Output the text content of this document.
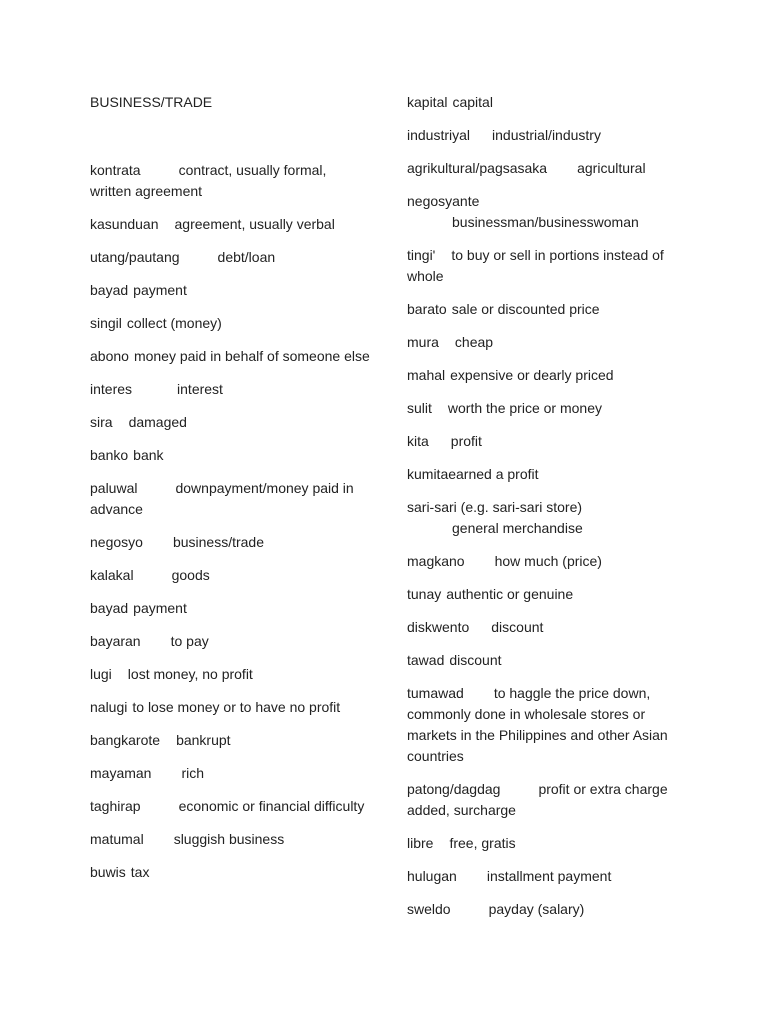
BUSINESS/TRADE
kontrata	contract, usually formal, written agreement
kasunduan agreement, usually verbal
utang/pautang	debt/loan
bayad payment
singil collect (money)
abono money paid in behalf of someone else
interes	interest
sira damaged
banko bank
paluwal	downpayment/money paid in advance
negosyo business/trade
kalakal	goods
bayad payment
bayaran to pay
lugi lost money, no profit
nalugi to lose money or to have no profit
bangkarote bankrupt
mayaman rich
taghirap	economic or financial difficulty
matumal sluggish business
buwis tax
kapital capital
industriyal industrial/industry
agrikultural/pagsasaka agricultural
negosyante
businessman/businesswoman
tingi' to buy or sell in portions instead of whole
barato sale or discounted price
mura cheap
mahal expensive or dearly priced
sulit worth the price or money
kita profit
kumitaearned a profit
sari-sari (e.g. sari-sari store)
general merchandise
magkano how much (price)
tunay authentic or genuine
diskwento discount
tawad discount
tumawad to haggle the price down, commonly done in wholesale stores or markets in the Philippines and other Asian countries
patong/dagdag	profit or extra charge added, surcharge
libre free, gratis
hulugan installment payment
sweldo	payday (salary)
